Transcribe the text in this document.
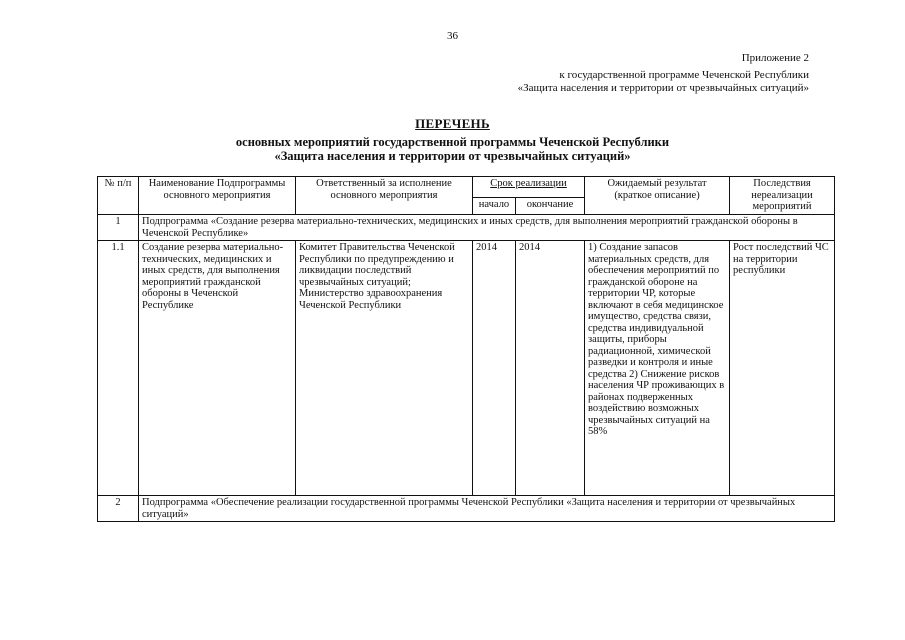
36
Приложение 2
к государственной программе Чеченской Республики
«Защита населения и территории от чрезвычайных ситуаций»
ПЕРЕЧЕНЬ
основных мероприятий государственной программы Чеченской Республики
«Защита населения и территории от чрезвычайных ситуаций»
№ п/п	Наименование Подпрограммы основного мероприятия	Ответственный за исполнение основного мероприятия	Срок реализации		Ожидаемый результат (краткое описание)	Последствия нереализации мероприятий
			начало	окончание		
1	Подпрограмма «Создание резерва материально-технических, медицинских и иных средств, для выполнения мероприятий гражданской обороны в Чеченской Республике»					
1.1	Создание резерва материально-технических, медицинских и иных средств, для выполнения мероприятий гражданской обороны в Чеченской Республике	Комитет Правительства Чеченской Республики по предупреждению и ликвидации последствий чрезвычайных ситуаций; Министерство здравоохранения Чеченской Республики	2014	2014	1) Создание запасов материальных средств, для обеспечения мероприятий по гражданской обороне на территории ЧР, которые включают в себя медицинское имущество, средства связи, средства индивидуальной защиты, приборы радиационной, химической разведки и контроля и иные средства 2) Снижение рисков населения ЧР проживающих в районах подверженных воздействию возможных чрезвычайных ситуаций на 58%	Рост последствий ЧС на территории республики
2	Подпрограмма «Обеспечение реализации государственной программы Чеченской Республики «Защита населения и территории от чрезвычайных ситуаций»					
